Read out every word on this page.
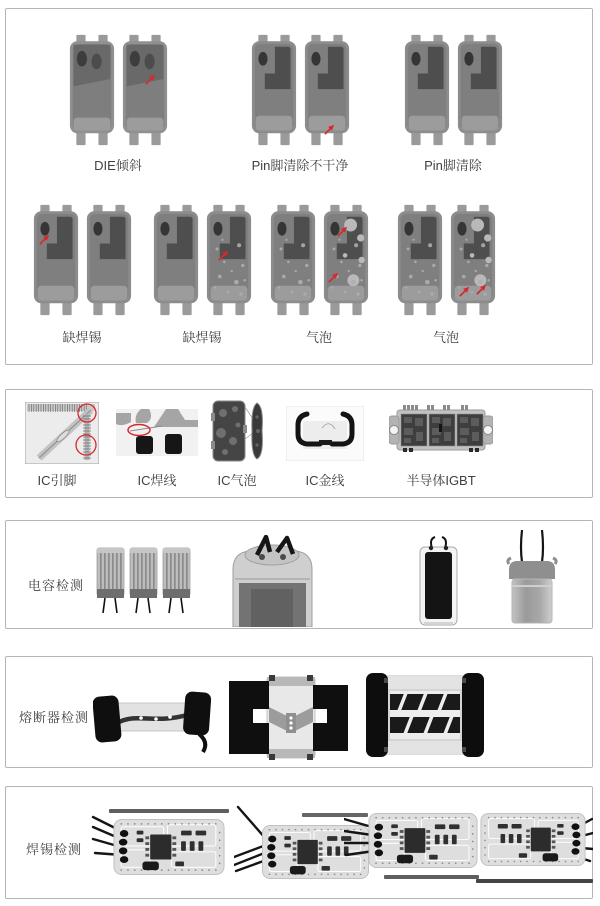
DIE倾斜	Pin脚清除不干净	Pin脚清除
缺焊锡	缺焊锡	气泡	气泡
IC引脚	IC焊线	IC气泡	IC金线	半导体IGBT
电容检测
熔断器检测
焊锡检测
